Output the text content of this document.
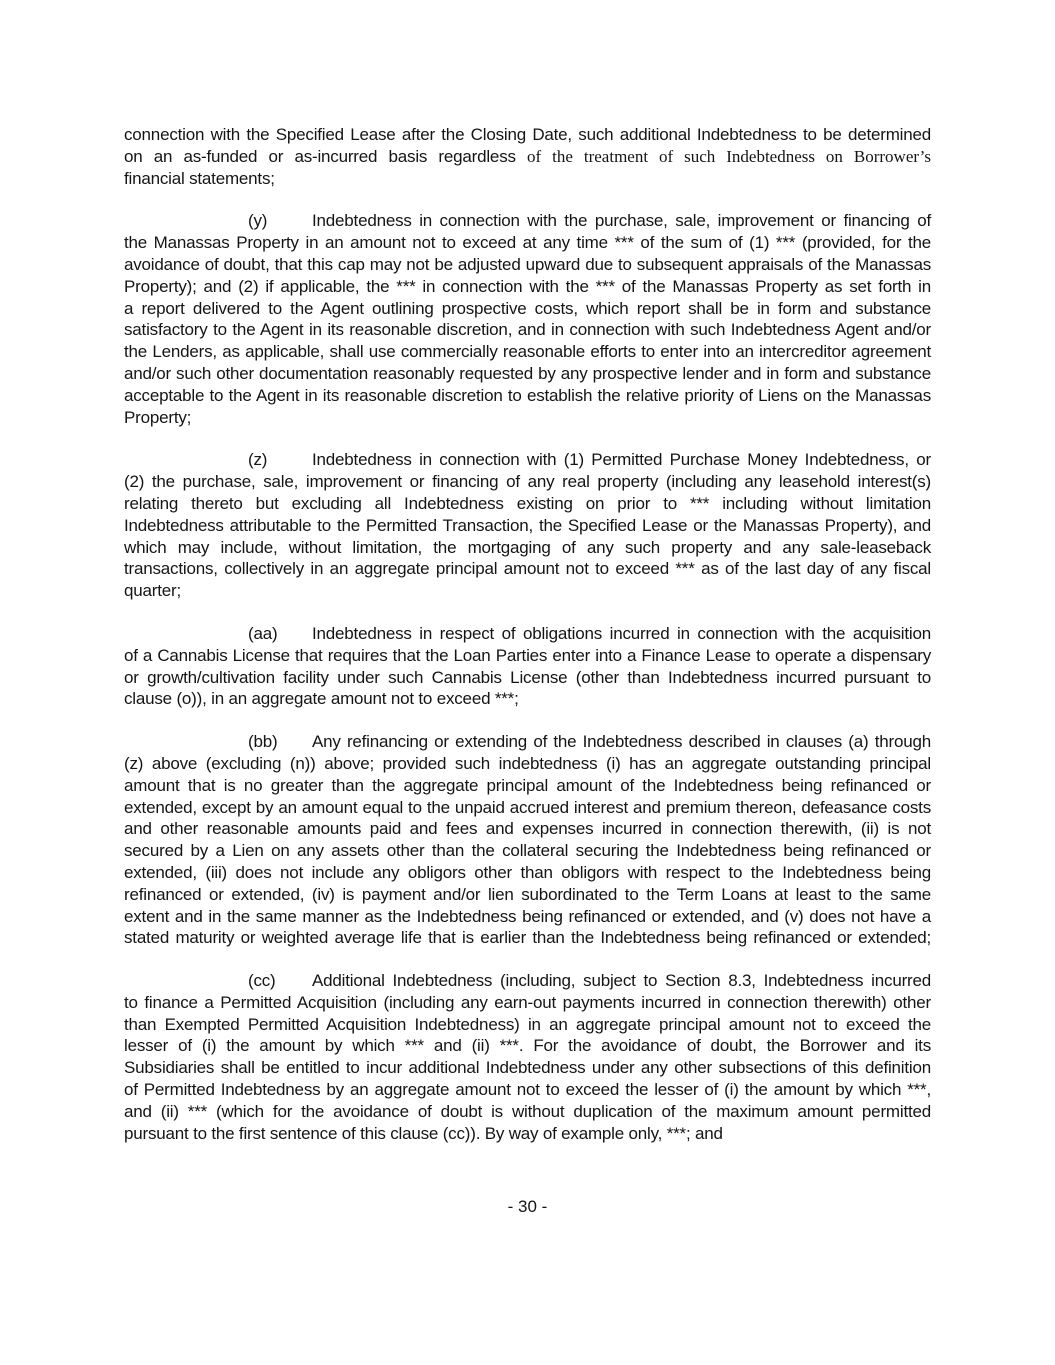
connection with the Specified Lease after the Closing Date, such additional Indebtedness to be determined
on an as-funded or as-incurred basis regardless of the treatment of such Indebtedness on Borrower’s
financial statements;
(y)	Indebtedness in connection with the purchase, sale, improvement or financing of
the Manassas Property in an amount not to exceed at any time *** of the sum of (1) *** (provided, for the
avoidance of doubt, that this cap may not be adjusted upward due to subsequent appraisals of the Manassas
Property); and (2) if applicable, the *** in connection with the *** of the Manassas Property as set forth in
a report delivered to the Agent outlining prospective costs, which report shall be in form and substance
satisfactory to the Agent in its reasonable discretion, and in connection with such Indebtedness Agent and/or
the Lenders, as applicable, shall use commercially reasonable efforts to enter into an intercreditor agreement
and/or such other documentation reasonably requested by any prospective lender and in form and substance
acceptable to the Agent in its reasonable discretion to establish the relative priority of Liens on the Manassas
Property;
(z)	Indebtedness in connection with (1) Permitted Purchase Money Indebtedness, or
(2) the purchase, sale, improvement or financing of any real property (including any leasehold interest(s)
relating thereto but excluding all Indebtedness existing on prior to *** including without limitation
Indebtedness attributable to the Permitted Transaction, the Specified Lease or the Manassas Property), and
which may include, without limitation, the mortgaging of any such property and any sale-leaseback
transactions, collectively in an aggregate principal amount not to exceed *** as of the last day of any fiscal
quarter;
(aa)	Indebtedness in respect of obligations incurred in connection with the acquisition
of a Cannabis License that requires that the Loan Parties enter into a Finance Lease to operate a dispensary
or growth/cultivation facility under such Cannabis License (other than Indebtedness incurred pursuant to
clause (o)), in an aggregate amount not to exceed ***;
(bb)	Any refinancing or extending of the Indebtedness described in clauses (a) through
(z) above (excluding (n)) above; provided such indebtedness (i) has an aggregate outstanding principal
amount that is no greater than the aggregate principal amount of the Indebtedness being refinanced or
extended, except by an amount equal to the unpaid accrued interest and premium thereon, defeasance costs
and other reasonable amounts paid and fees and expenses incurred in connection therewith, (ii) is not
secured by a Lien on any assets other than the collateral securing the Indebtedness being refinanced or
extended, (iii) does not include any obligors other than obligors with respect to the Indebtedness being
refinanced or extended, (iv) is payment and/or lien subordinated to the Term Loans at least to the same
extent and in the same manner as the Indebtedness being refinanced or extended, and (v) does not have a
stated maturity or weighted average life that is earlier than the Indebtedness being refinanced or extended;
(cc)	Additional Indebtedness (including, subject to Section 8.3, Indebtedness incurred
to finance a Permitted Acquisition (including any earn-out payments incurred in connection therewith) other
than Exempted Permitted Acquisition Indebtedness) in an aggregate principal amount not to exceed the
lesser of (i) the amount by which *** and (ii) ***. For the avoidance of doubt, the Borrower and its
Subsidiaries shall be entitled to incur additional Indebtedness under any other subsections of this definition
of Permitted Indebtedness by an aggregate amount not to exceed the lesser of (i) the amount by which ***,
and (ii) *** (which for the avoidance of doubt is without duplication of the maximum amount permitted
pursuant to the first sentence of this clause (cc)). By way of example only, ***; and
- 30 -
